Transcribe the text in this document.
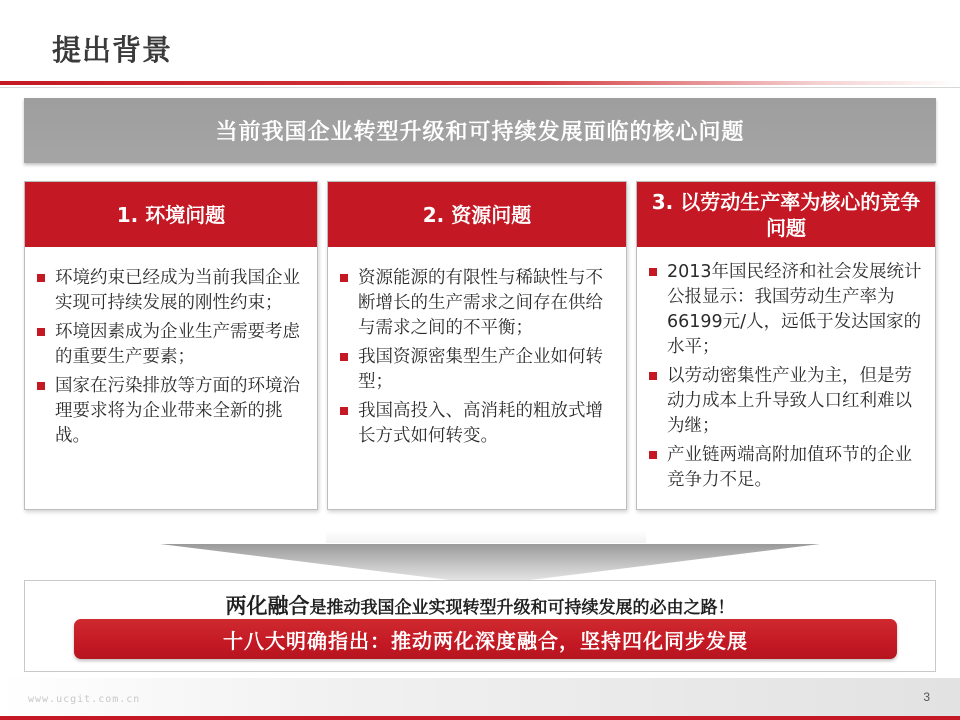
提出背景
当前我国企业转型升级和可持续发展面临的核心问题
1. 环境问题
环境约束已经成为当前我国企业实现可持续发展的刚性约束；
环境因素成为企业生产需要考虑的重要生产要素；
国家在污染排放等方面的环境治理要求将为企业带来全新的挑战。
2. 资源问题
资源能源的有限性与稀缺性与不断增长的生产需求之间存在供给与需求之间的不平衡；
我国资源密集型生产企业如何转型；
我国高投入、高消耗的粗放式增长方式如何转变。
3. 以劳动生产率为核心的竞争问题
2013年国民经济和社会发展统计公报显示：我国劳动生产率为66199元/人，远低于发达国家的水平；
以劳动密集性产业为主，但是劳动力成本上升导致人口红利难以为继；
产业链两端高附加值环节的企业竞争力不足。
两化融合是推动我国企业实现转型升级和可持续发展的必由之路！
十八大明确指出：推动两化深度融合，坚持四化同步发展
www.ucgit.com.cn	3
